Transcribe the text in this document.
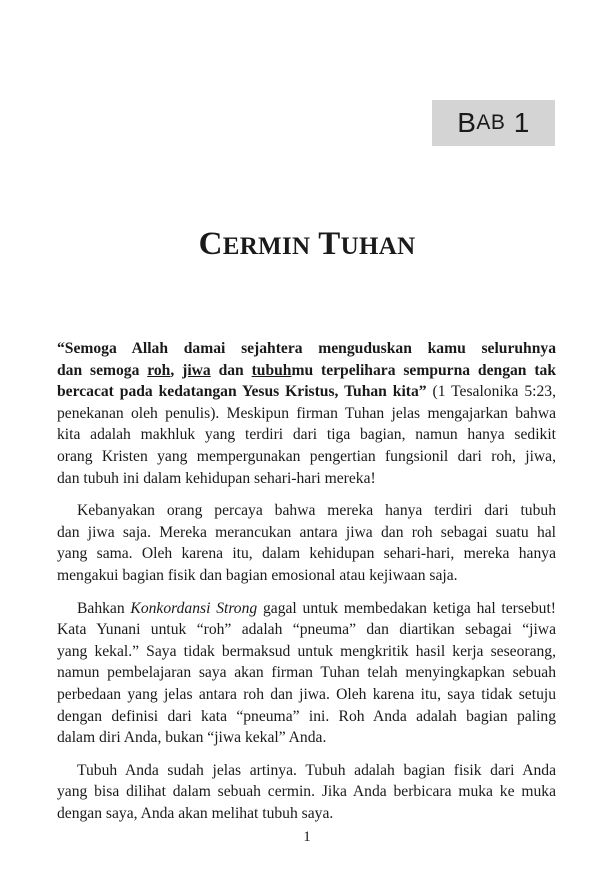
B AB
1
CERMIN TUHAN
“Semoga Allah damai sejahtera menguduskan kamu seluruhnya
dan semoga roh, jiwa dan tubuhmu terpelihara sempurna dengan tak
bercacat pada kedatangan Yesus Kristus, Tuhan kita” (1 Tesalonika 5:23,
penekanan oleh penulis). Meskipun firman Tuhan jelas mengajarkan bahwa
kita adalah makhluk yang terdiri dari tiga bagian, namun hanya sedikit
orang Kristen yang mempergunakan pengertian fungsionil dari roh, jiwa,
dan tubuh ini dalam kehidupan sehari-hari mereka!
Kebanyakan orang percaya bahwa mereka hanya terdiri dari tubuh
dan jiwa saja. Mereka merancukan antara jiwa dan roh sebagai suatu hal
yang sama. Oleh karena itu, dalam kehidupan sehari-hari, mereka hanya
mengakui bagian fisik dan bagian emosional atau kejiwaan saja.
Bahkan Konkordansi Strong gagal untuk membedakan ketiga hal tersebut!
Kata Yunani untuk “roh” adalah “pneuma” dan diartikan sebagai “jiwa
yang kekal.” Saya tidak bermaksud untuk mengkritik hasil kerja seseorang,
namun pembelajaran saya akan firman Tuhan telah menyingkapkan sebuah
perbedaan yang jelas antara roh dan jiwa. Oleh karena itu, saya tidak setuju
dengan definisi dari kata “pneuma” ini. Roh Anda adalah bagian paling
dalam diri Anda, bukan “jiwa kekal” Anda.
Tubuh Anda sudah jelas artinya. Tubuh adalah bagian fisik dari Anda
yang bisa dilihat dalam sebuah cermin. Jika Anda berbicara muka ke muka
dengan saya, Anda akan melihat tubuh saya.
1
